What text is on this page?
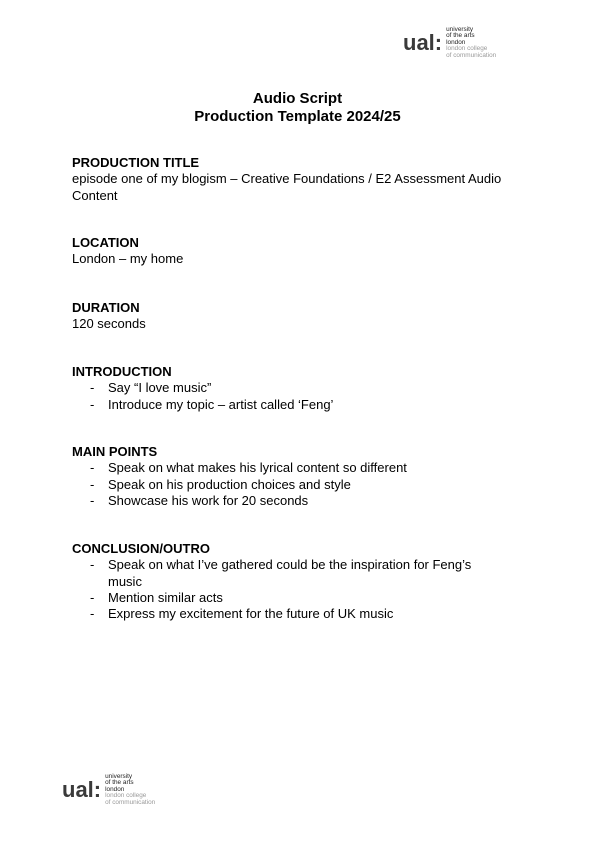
ual:
university
of the arts
london
london college
of communication
Audio Script
Production Template 2024/25

PRODUCTION TITLE

episode one of my blogism – Creative Foundations / E2 Assessment Audio Content

LOCATION

London – my home

DURATION

120 seconds

INTRODUCTION

- Say “I love music”
- Introduce my topic – artist called ‘Feng’

MAIN POINTS

- Speak on what makes his lyrical content so different
- Speak on his production choices and style
- Showcase his work for 20 seconds

CONCLUSION/OUTRO

- Speak on what I’ve gathered could be the inspiration for Feng’s music
- Mention similar acts
- Express my excitement for the future of UK music
ual:
university
of the arts
london
london college
of communication
